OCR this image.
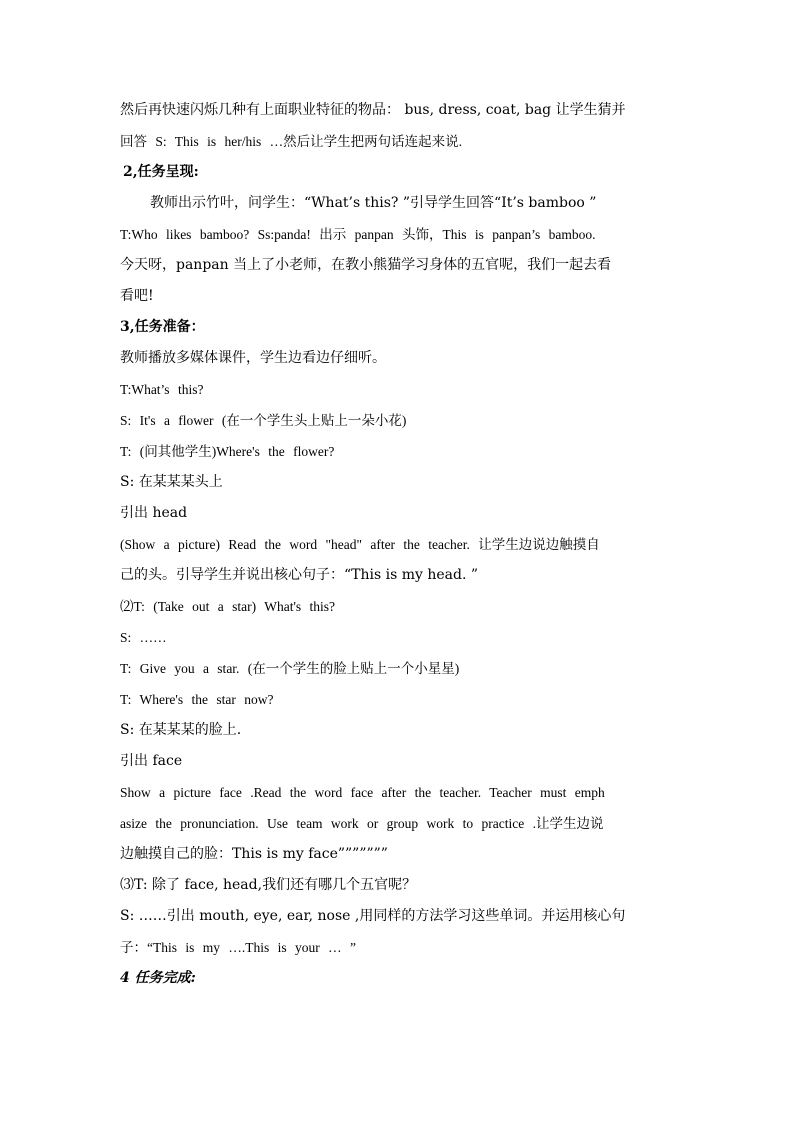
然后再快速闪烁几种有上面职业特征的物品： bus, dress, coat, bag 让学生猜并
回答 S: This is her/his …然后让学生把两句话连起来说.
2,任务呈现:
教师出示竹叶，问学生：“What’s this? ”引导学生回答“It’s bamboo ”
T:Who likes bamboo? Ss:panda! 出示 panpan 头饰，This is panpan’s bamboo.
今天呀，panpan 当上了小老师，在教小熊猫学习身体的五官呢，我们一起去看
看吧!
3,任务准备：
教师播放多媒体课件，学生边看边仔细听。
T:What’s this?
S: It's a flower (在一个学生头上贴上一朵小花)
T: (问其他学生)Where's the flower?
S: 在某某某头上
引出 head
(Show a picture) Read the word "head" after the teacher. 让学生边说边触摸自
己的头。引导学生并说出核心句子：“This is my head. ”
⑵T: (Take out a star) What's this?
S: ……
T: Give you a star. (在一个学生的脸上贴上一个小星星)
T: Where's the star now?
S: 在某某某的脸上.
引出 face
Show a picture face .Read the word face after the teacher. Teacher must emph
asize the pronunciation. Use team work or group work to practice .让学生边说
边触摸自己的脸：This is my face”””””””
⑶T: 除了 face, head,我们还有哪几个五官呢？
S: ……引出 mouth, eye, ear, nose ,用同样的方法学习这些单词。并运用核心句
子：“This is my ….This is your … ”
4 任务完成:
